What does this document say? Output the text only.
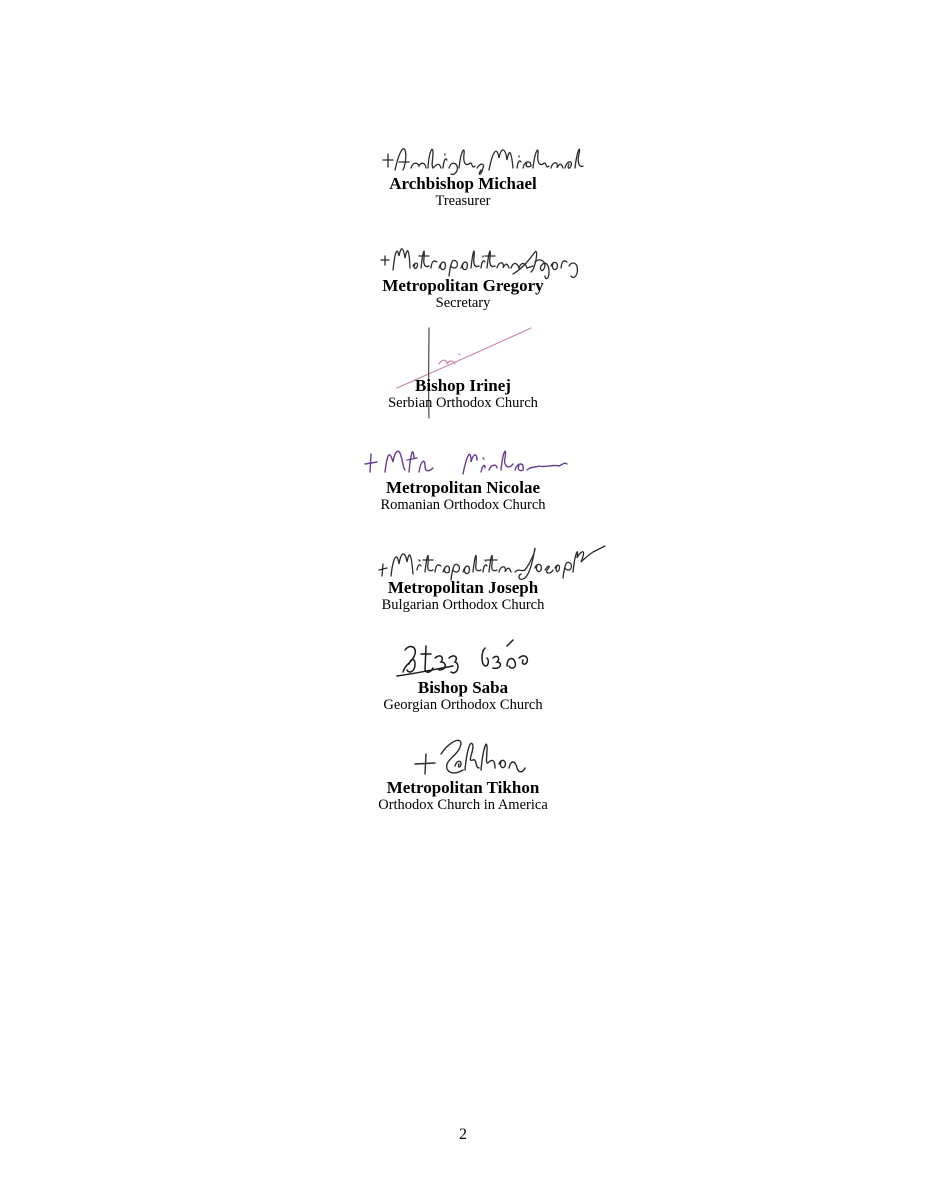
Archbishop Michael
Treasurer
Metropolitan Gregory
Secretary
Bishop Irinej
Serbian Orthodox Church
Metropolitan Nicolae
Romanian Orthodox Church
Metropolitan Joseph
Bulgarian Orthodox Church
Bishop Saba
Georgian Orthodox Church
Metropolitan Tikhon
Orthodox Church in America
2
